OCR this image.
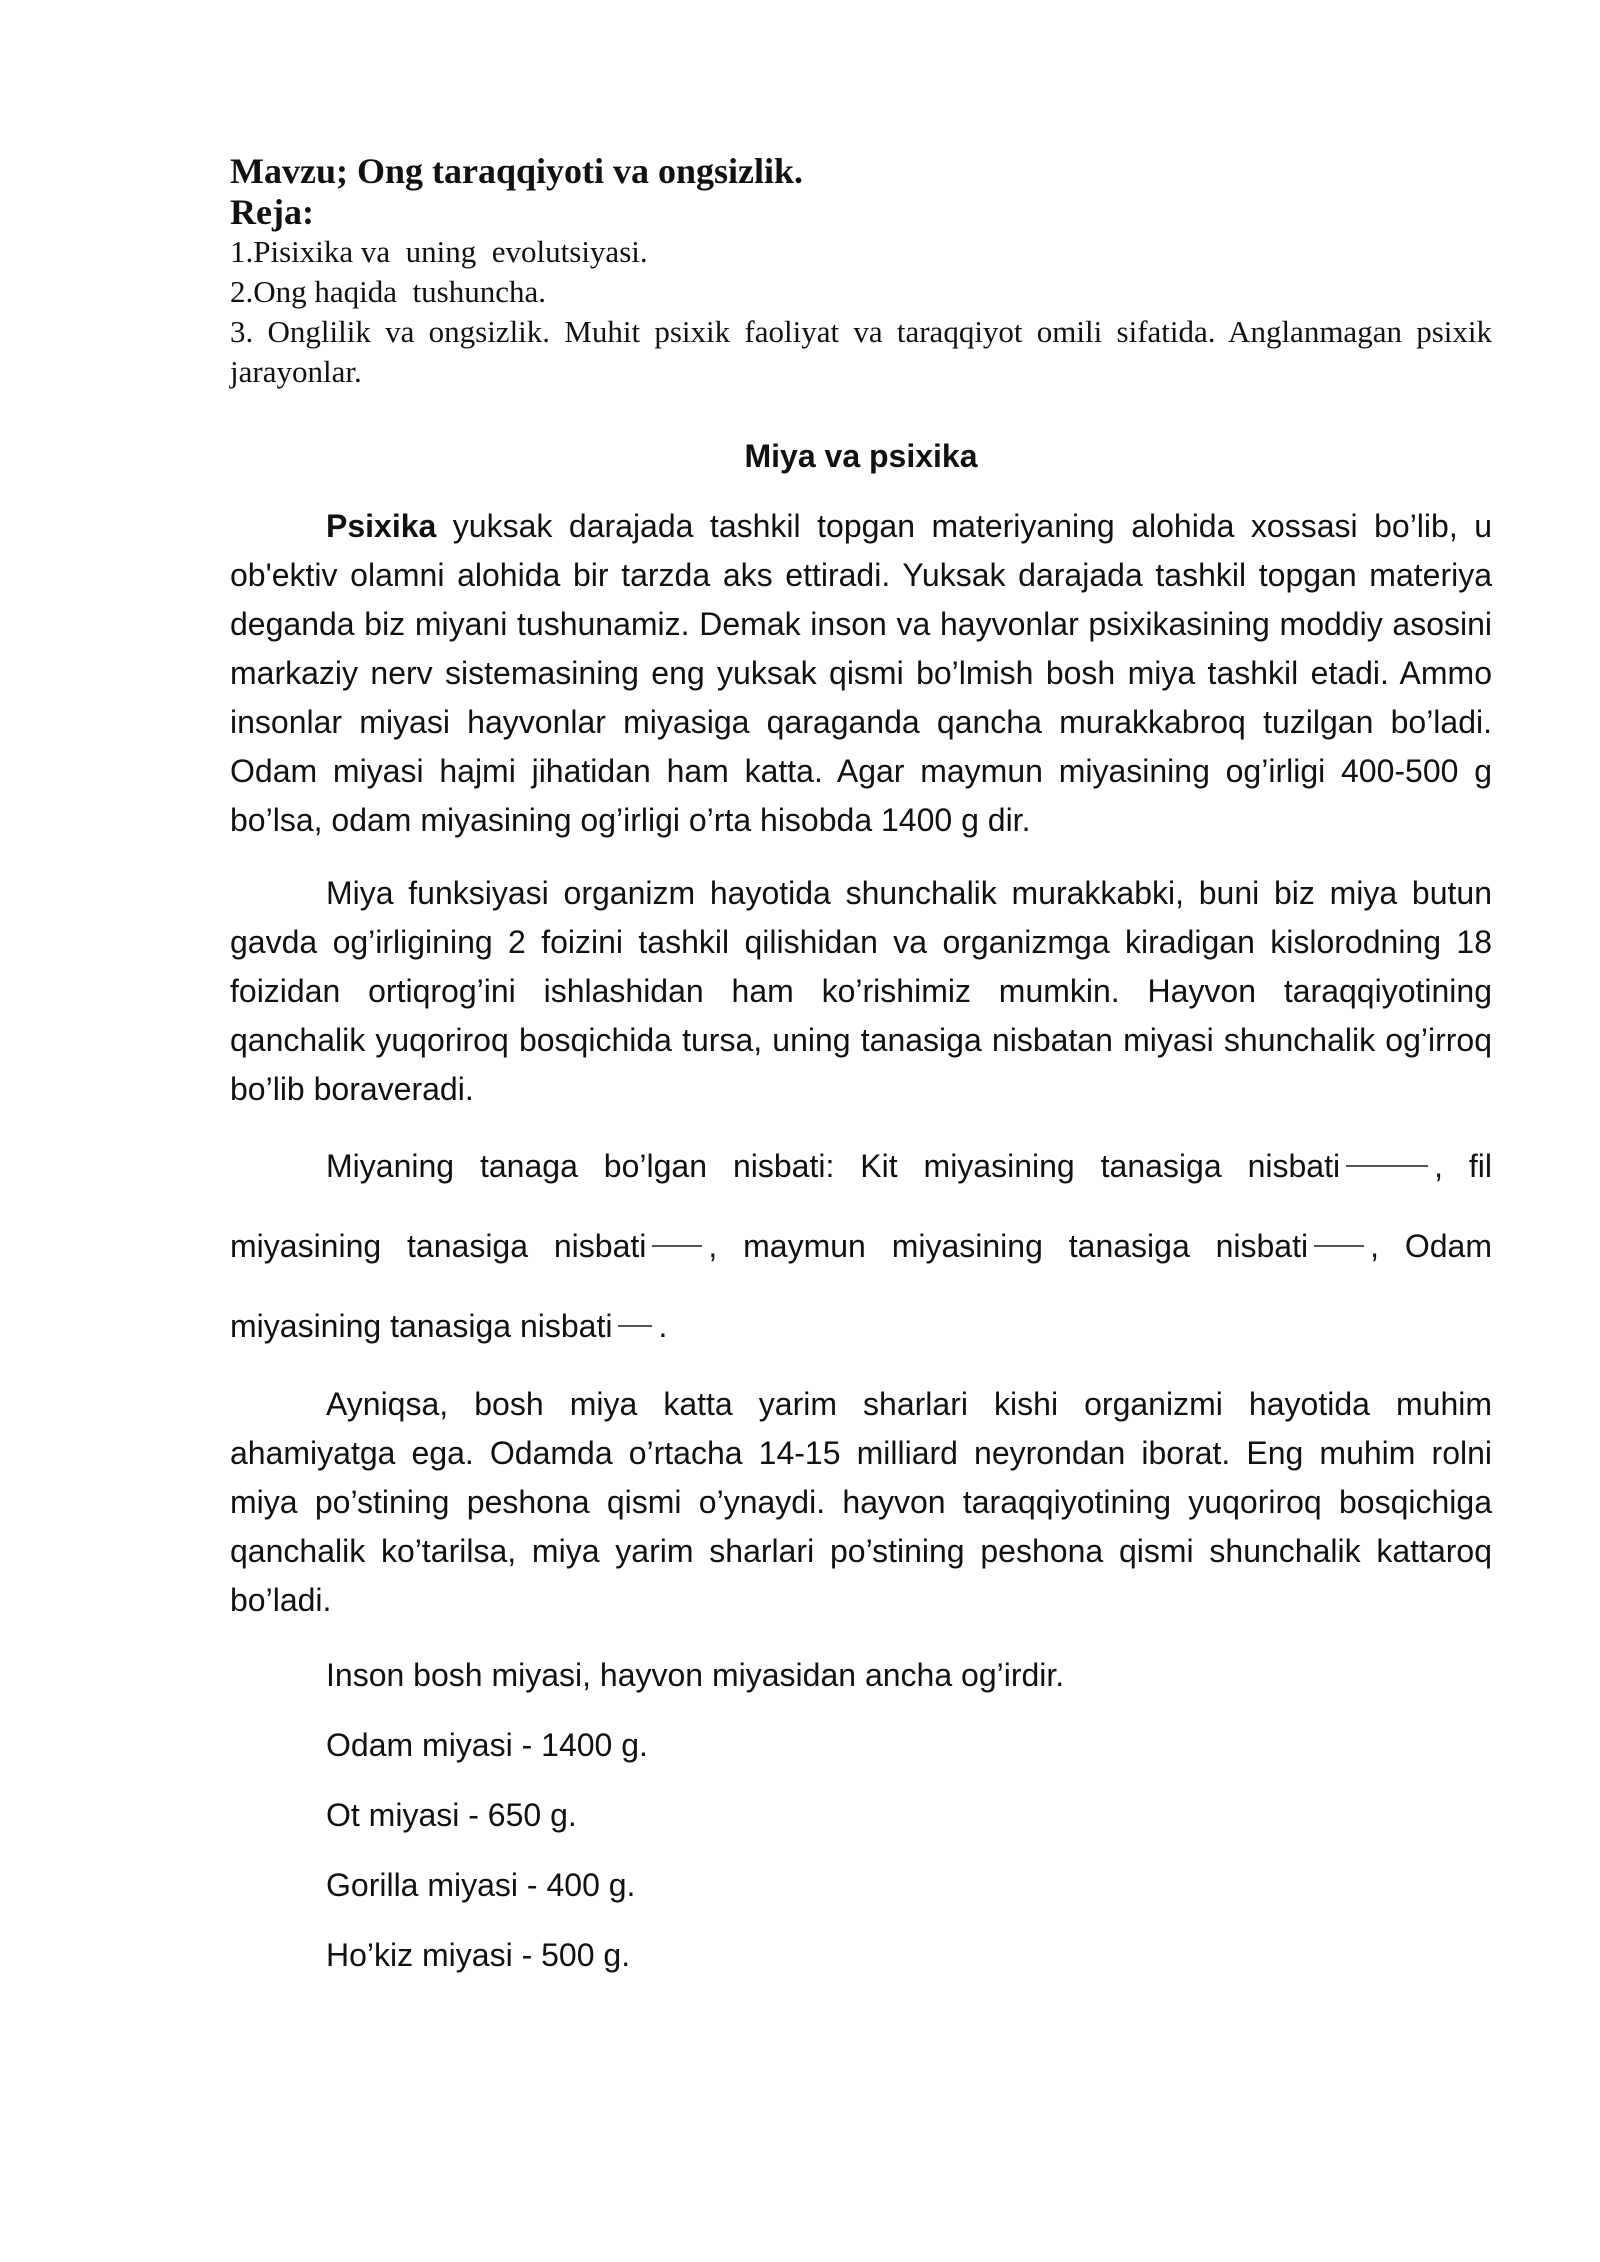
Mavzu; Ong taraqqiyoti va ongsizlik.

Reja:

1.Pisixika va  uning  evolutsiyasi.
2.Ong haqida  tushuncha.
3. Onglilik va ongsizlik. Muhit psixik faoliyat va taraqqiyot omili sifatida. Anglanmagan psixik jarayonlar.

Miya va psixika

Psixika yuksak darajada tashkil topgan materiyaning alohida xossasi bo’lib, u ob'ektiv olamni alohida bir tarzda aks ettiradi. Yuksak darajada tashkil topgan materiya deganda biz miyani tushunamiz. Demak inson va hayvonlar psixikasining moddiy asosini markaziy nerv sistemasining eng yuksak qismi bo’lmish bosh miya tashkil etadi. Ammo insonlar miyasi hayvonlar miyasiga qaraganda qancha murakkabroq tuzilgan bo’ladi. Odam miyasi hajmi jihatidan ham katta. Agar maymun miyasining og’irligi 400-500 g bo’lsa, odam miyasining og’irligi o’rta hisobda 1400 g dir.

Miya funksiyasi organizm hayotida shunchalik murakkabki, buni biz miya butun gavda og’irligining 2 foizini tashkil qilishidan va organizmga kiradigan kislorodning 18 foizidan ortiqrog’ini ishlashidan ham ko’rishimiz mumkin. Hayvon taraqqiyotining qanchalik yuqoriroq bosqichida tursa, uning tanasiga nisbatan miyasi shunchalik og’irroq bo’lib boraveradi.

Miyaning tanaga bo’lgan nisbati: Kit miyasining tanasiga nisbati	, fil miyasining tanasiga nisbati , maymun miyasining tanasiga nisbati , Odam miyasining tanasiga nisbati .

Ayniqsa, bosh miya katta yarim sharlari kishi organizmi hayotida muhim ahamiyatga ega. Odamda o’rtacha 14-15 milliard neyrondan iborat. Eng muhim rolni miya po’stining peshona qismi o’ynaydi. hayvon taraqqiyotining yuqoriroq bosqichiga qanchalik ko’tarilsa, miya yarim sharlari po’stining peshona qismi shunchalik kattaroq bo’ladi.

Inson bosh miyasi, hayvon miyasidan ancha og’irdir.

Odam miyasi - 1400 g.

Ot miyasi - 650 g.

Gorilla miyasi - 400 g.

Ho’kiz miyasi - 500 g.
